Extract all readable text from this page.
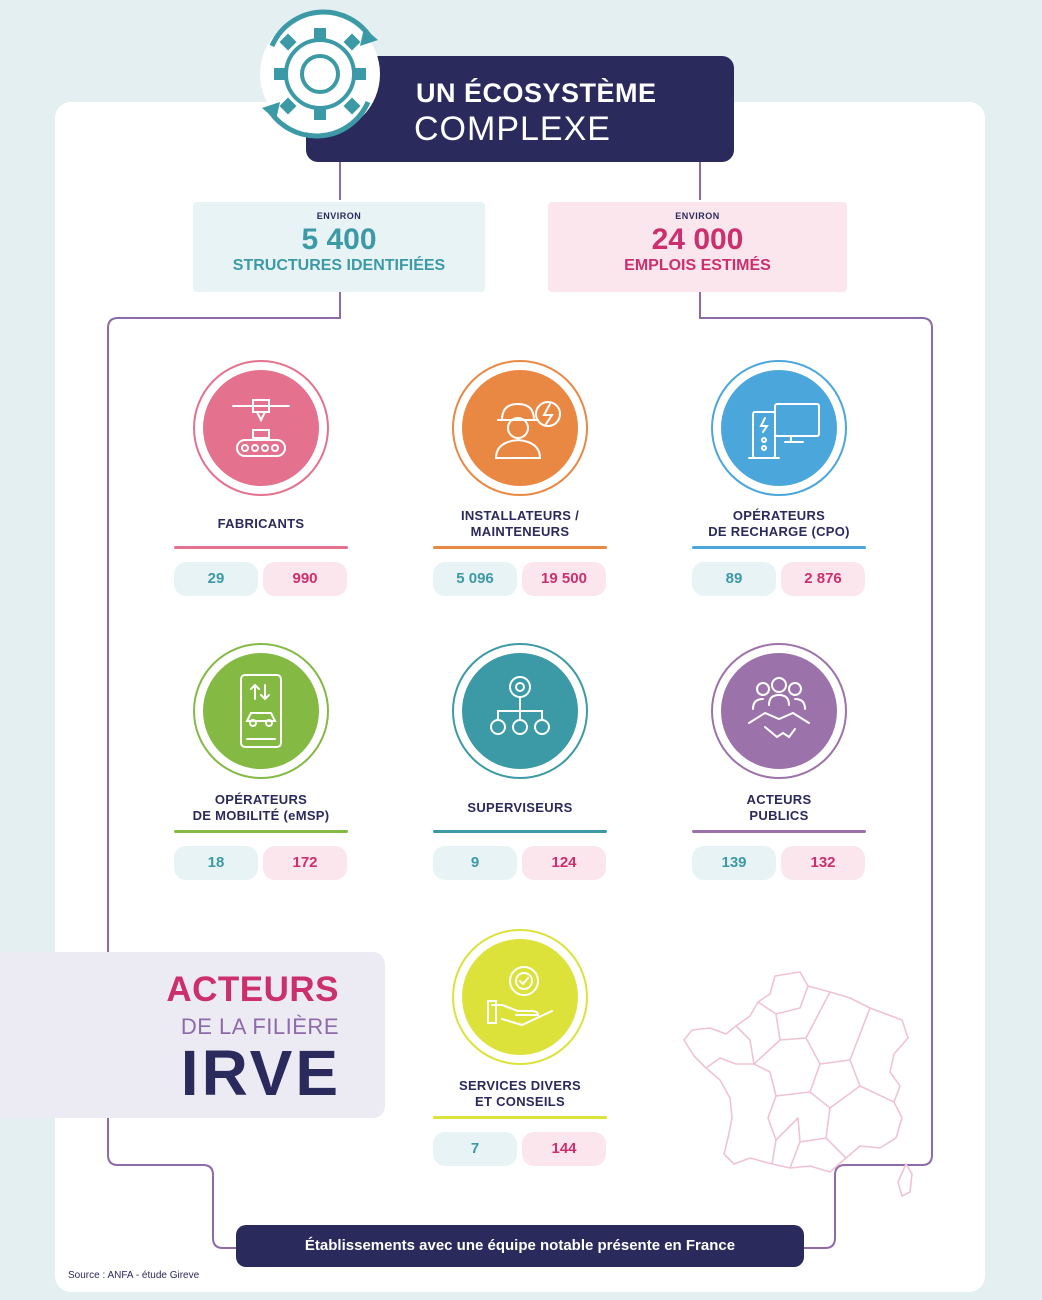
UN ÉCOSYSTÈME
COMPLEXE
ENVIRON
5 400
STRUCTURES IDENTIFIÉES
ENVIRON
24 000
EMPLOIS ESTIMÉS
FABRICANTS
29	990
INSTALLATEURS /
MAINTENEURS
5 096	19 500
OPÉRATEURS
DE RECHARGE (CPO)
89	2 876
OPÉRATEURS
DE MOBILITÉ (eMSP)
18	172
SUPERVISEURS
9	124
ACTEURS
PUBLICS
139	132
SERVICES DIVERS
ET CONSEILS
7	144
ACTEURS
DE LA FILIÈRE
IRVE
Établissements avec une équipe notable présente en France
Source : ANFA - étude Gireve
